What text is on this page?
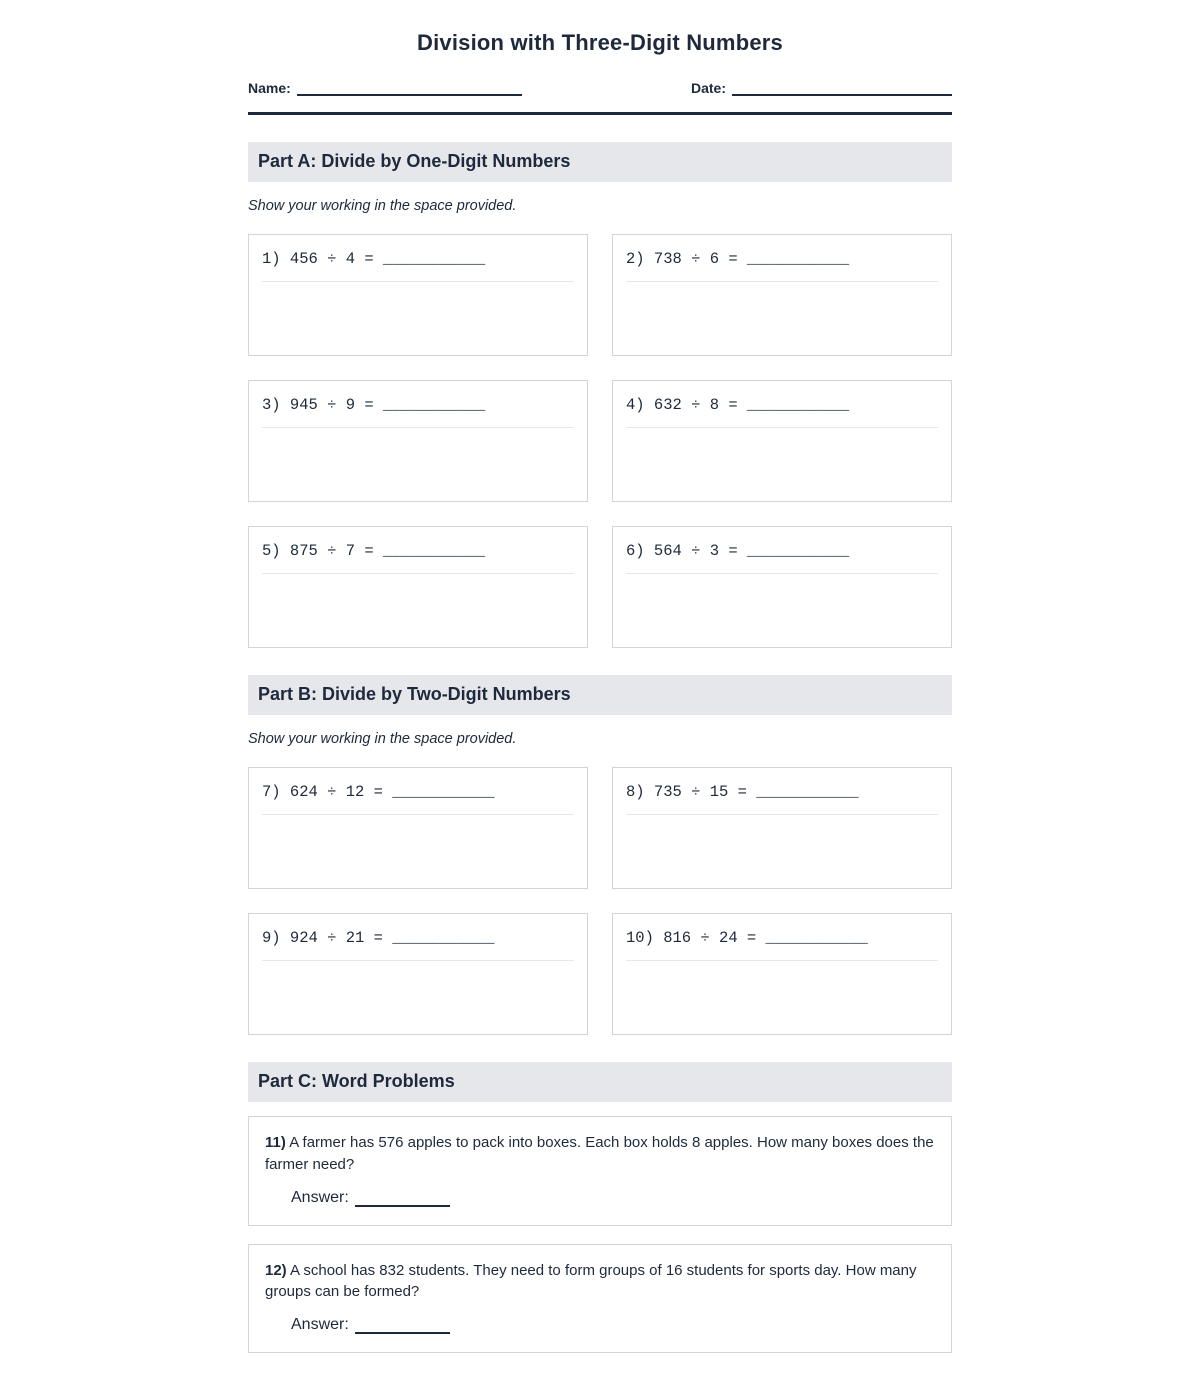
Division with Three-Digit Numbers
Name:	Date:
Part A: Divide by One-Digit Numbers
Show your working in the space provided.
1) 456 ÷ 4 = ___________	2) 738 ÷ 6 = ___________
3) 945 ÷ 9 = ___________	4) 632 ÷ 8 = ___________
5) 875 ÷ 7 = ___________	6) 564 ÷ 3 = ___________
Part B: Divide by Two-Digit Numbers
Show your working in the space provided.
7) 624 ÷ 12 = ___________	8) 735 ÷ 15 = ___________
9) 924 ÷ 21 = ___________	10) 816 ÷ 24 = ___________
Part C: Word Problems
11) A farmer has 576 apples to pack into boxes. Each box holds 8 apples. How many boxes does the farmer need?
Answer:
12) A school has 832 students. They need to form groups of 16 students for sports day. How many groups can be formed?
Answer:
